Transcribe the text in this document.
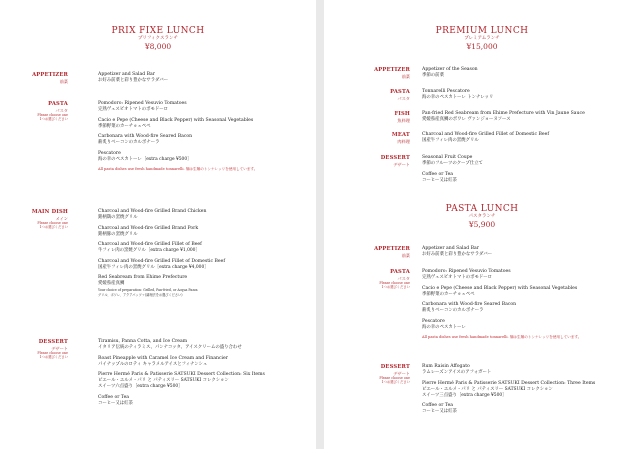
PRIX FIXE LUNCH
プリフィクスランチ
¥8,000
APPETIZER
前菜
Appetizer and Salad Bar
お好み前菜と彩り豊かなサラダバー
PASTA
パスタ
Please choose one
1つお選びください
Pomodoro: Ripened Vesuvio Tomatoes
完熟ヴェスビオトマトのポモドーロ
Cacio e Pepe (Cheese and Black Pepper) with Seasonal Vegetables
季節野菜のカーチョェペペ
Carbonara with Wood-fire Seared Bacon
薪炙りベーコンのカルボナーラ
Pescatore
海の幸のペスカトーレ［extra charge ¥500］
All pasta dishes use fresh handmade tonnarelli. 麺は生麺のトンナレッリを使用しています。
MAIN DISH
メイン
Please choose one
1つお選びください
Charcoal and Wood-fire Grilled Brand Chicken
銘柄鶏の窯焼グリル
Charcoal and Wood-fire Grilled Brand Pork
銘柄豚の窯焼グリル
Charcoal and Wood-fire Grilled Fillet of Beef
牛フィレ肉の窯焼グリル［extra charge ¥1,000］
Charcoal and Wood-fire Grilled Fillet of Domestic Beef
国産牛フィレ肉の窯焼グリル［extra charge ¥4,000］
Red Seabream from Ehime Prefecture
愛媛県産真鯛
Your choice of preparation: Grilled, Pan-fried, or Acqua Pazza
グリル、ポワレ、アクアパッツァ(調理法をお選びください)
DESSERT
デザート
Please choose one
1つお選びください
Tiramisu, Panna Cotta, and Ice Cream
イタリア伝統のティラミス、パンナコッタ、アイスクリームの盛り合わせ
Roast Pineapple with Caramel Ice Cream and Financier
パイナップルのロティ キャラメルアイスとフィナンシェ
Pierre Hermé Paris & Patisserie SATSUKI Dessert Collection: Six Items
ピエール・エルメ・パリ と パティスリー SATSUKI コレクション
スイーツ六点盛り［extra charge ¥500］
Coffee or Tea
コーヒー又は紅茶
PREMIUM LUNCH
プレミアムランチ
¥15,000
APPETIZER
前菜
Appetizer of the Season
季節の前菜
PASTA
パスタ
Tonnarelli Pescatore
海の幸のペスカトーレ トンナレッリ
FISH
魚料理
Pan-fried Red Seabream from Ehime Prefecture with Vin Jaune Sauce
愛媛県産真鯛のポワレ ヴァンジョーヌソース
MEAT
肉料理
Charcoal and Wood-fire Grilled Fillet of Domestic Beef
国産牛フィレ肉の窯焼グリル
DESSERT
デザート
Seasonal Fruit Coupe
季節のフルーツのクープ仕立て
Coffee or Tea
コーヒー又は紅茶
PASTA LUNCH
パスタランチ
¥5,900
APPETIZER
前菜
Appetizer and Salad Bar
お好み前菜と彩り豊かなサラダバー
PASTA
パスタ
Please choose one
1つお選びください
Pomodoro: Ripened Vesuvio Tomatoes
完熟ヴェスビオトマトのポモドーロ
Cacio e Pepe (Cheese and Black Pepper) with Seasonal Vegetables
季節野菜のカーチョェペペ
Carbonara with Wood-fire Seared Bacon
薪炙りベーコンのカルボナーラ
Pescatore
海の幸のペスカトーレ
All pasta dishes use fresh handmade tonnarelli. 麺は生麺のトンナレッリを使用しています。
DESSERT
デザート
Please choose one
1つお選びください
Rum Raisin Affogato
ラムレーズンアイスのアフォガート
Pierre Hermé Paris & Patisserie SATSUKI Dessert Collection: Three Items
ピエール・エルメ・パリ と パティスリー SATSUKI コレクション
スイーツ三点盛り［extra charge ¥500］
Coffee or Tea
コーヒー又は紅茶
